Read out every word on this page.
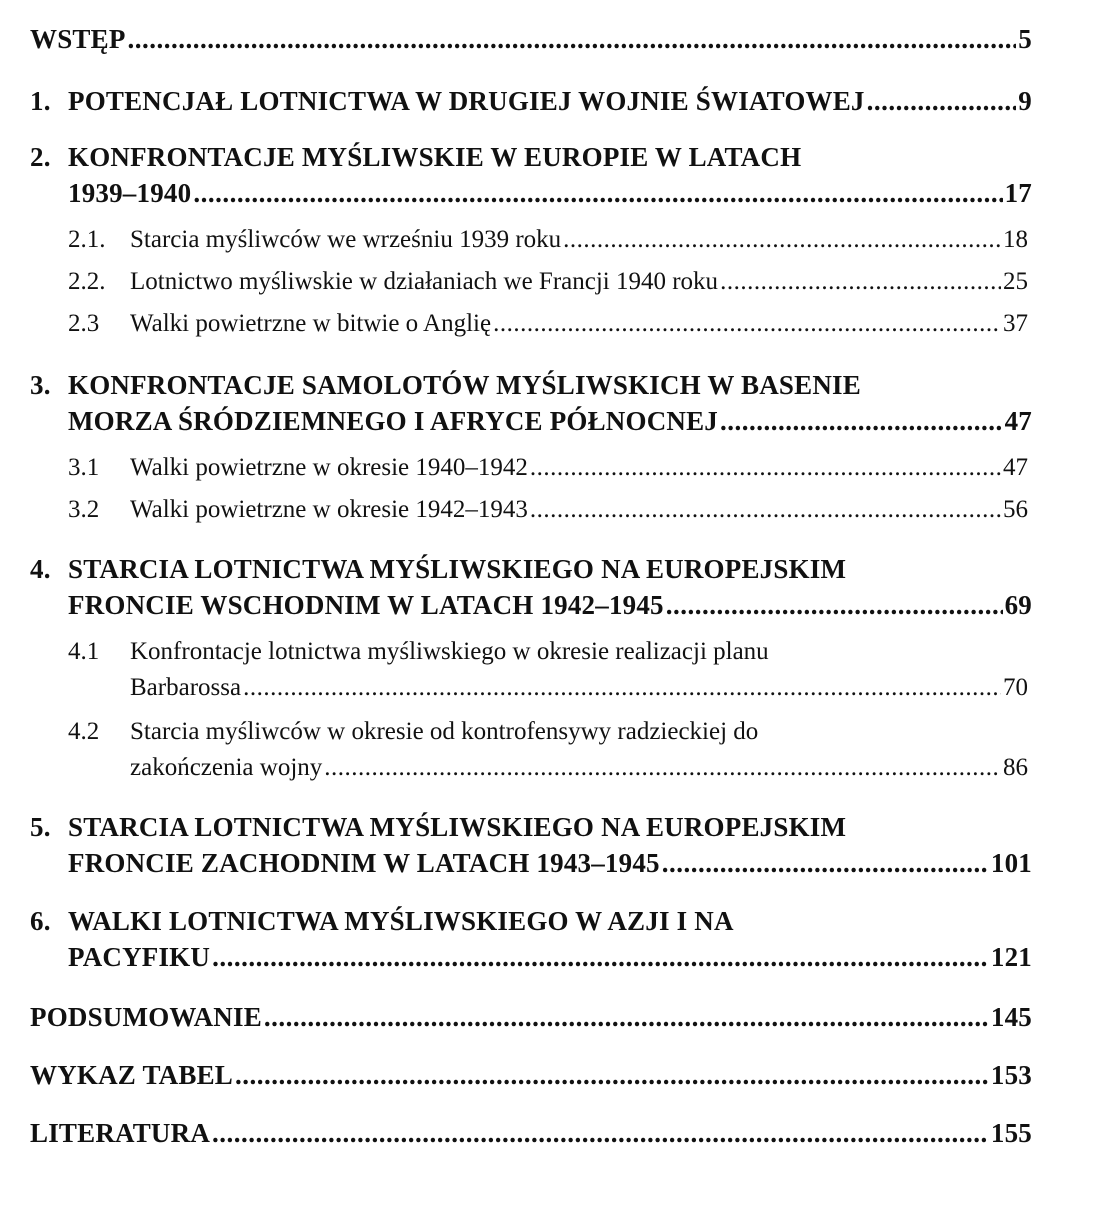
WSTĘP .....	5
1. POTENCJAŁ LOTNICTWA W DRUGIEJ WOJNIE ŚWIATOWEJ .....	9
2. KONFRONTACJE MYŚLIWSKIE W EUROPIE W LATACH
1939–1940 .....	17
2.1. Starcia myśliwców we wrześniu 1939 roku .....	18
2.2. Lotnictwo myśliwskie w działaniach we Francji 1940 roku .....	25
2.3 Walki powietrzne w bitwie o Anglię .....	37
3. KONFRONTACJE SAMOLOTÓW MYŚLIWSKICH W BASENIE
MORZA ŚRÓDZIEMNEGO I AFRYCE PÓŁNOCNEJ .....	47
3.1 Walki powietrzne w okresie 1940–1942 .....	47
3.2 Walki powietrzne w okresie 1942–1943 .....	56
4. STARCIA LOTNICTWA MYŚLIWSKIEGO NA EUROPEJSKIM
FRONCIE WSCHODNIM W LATACH 1942–1945 .....	69
4.1 Konfrontacje lotnictwa myśliwskiego w okresie realizacji planu
Barbarossa .....	70
4.2 Starcia myśliwców w okresie od kontrofensywy radzieckiej do
zakończenia wojny .....	86
5. STARCIA LOTNICTWA MYŚLIWSKIEGO NA EUROPEJSKIM
FRONCIE ZACHODNIM W LATACH 1943–1945 .....	101
6. WALKI LOTNICTWA MYŚLIWSKIEGO W AZJI I NA
PACYFIKU .....	121
PODSUMOWANIE .....	145
WYKAZ TABEL .....	153
LITERATURA .....	155
